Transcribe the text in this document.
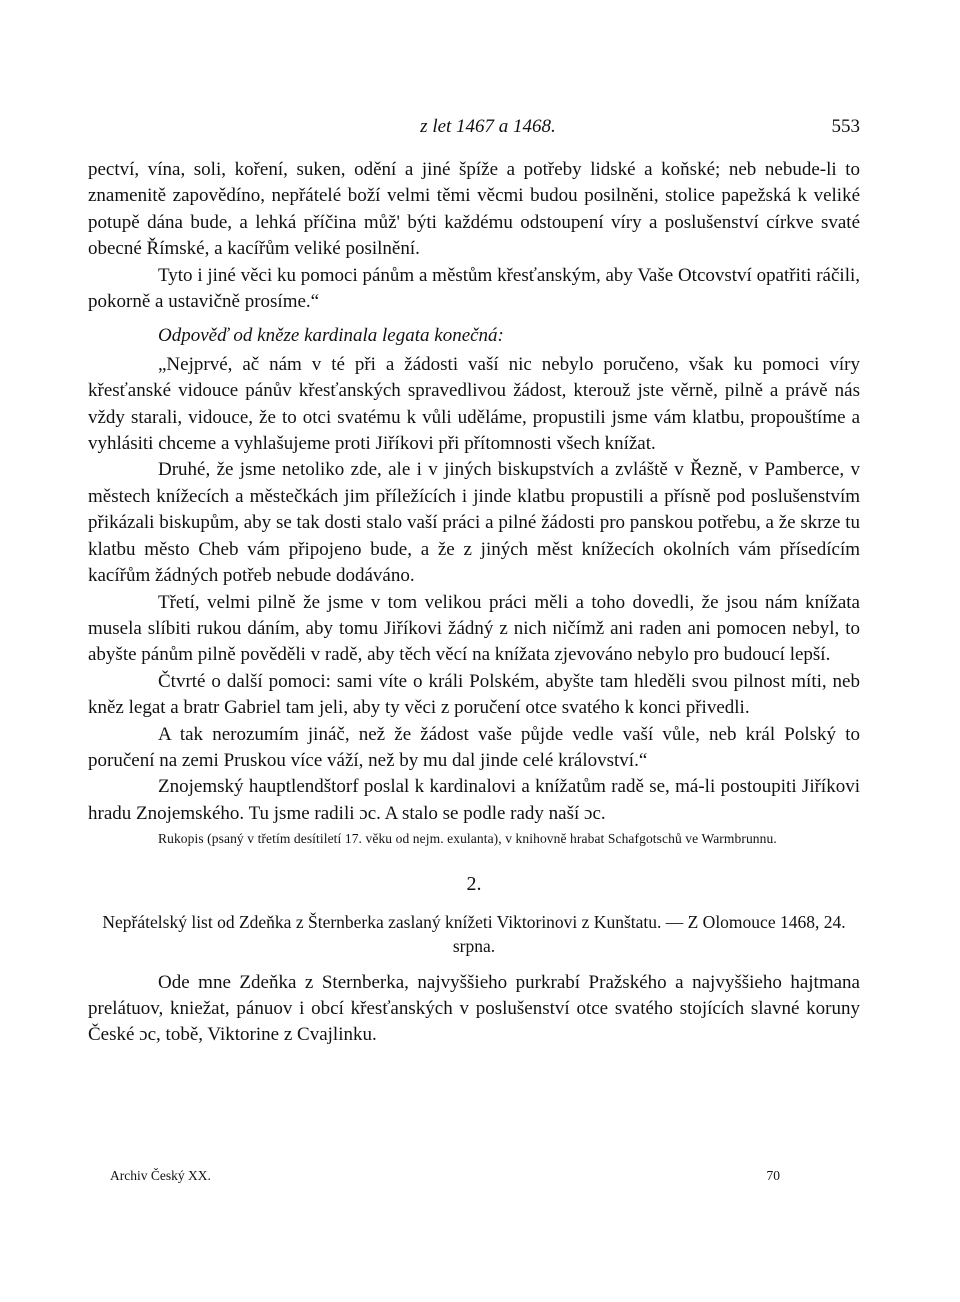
z let 1467 a 1468.	553

pectví, vína, soli, koření, suken, odění a jiné špíže a potřeby lidské a koňské; neb nebude-li to znamenitě zapovědíno, nepřátelé boží velmi těmi věcmi budou posilněni, stolice papežská k veliké potupě dána bude, a lehká příčina můž' býti každému odstoupení víry a poslušenství církve svaté obecné Římské, a kacířům veliké posilnění.

Tyto i jiné věci ku pomoci pánům a městům křesťanským, aby Vaše Otcovství opatřiti ráčili, pokorně a ustavičně prosíme.“

Odpověď od kněze kardinala legata konečná:

„Nejprvé, ač nám v té při a žádosti vaší nic nebylo poručeno, však ku pomoci víry křesťanské vidouce pánův křesťanských spravedlivou žádost, kterouž jste věrně, pilně a právě nás vždy starali, vidouce, že to otci svatému k vůli uděláme, propustili jsme vám klatbu, propouštíme a vyhlásiti chceme a vyhlašujeme proti Jiříkovi při přítomnosti všech knížat.

Druhé, že jsme netoliko zde, ale i v jiných biskupstvích a zvláště v Řezně, v Pamberce, v městech knížecích a městečkách jim příležících i jinde klatbu propustili a přísně pod poslušenstvím přikázali biskupům, aby se tak dosti stalo vaší práci a pilné žádosti pro panskou potřebu, a že skrze tu klatbu město Cheb vám připojeno bude, a že z jiných měst knížecích okolních vám přísedícím kacířům žádných potřeb nebude dodáváno.

Třetí, velmi pilně že jsme v tom velikou práci měli a toho dovedli, že jsou nám knížata musela slíbiti rukou dáním, aby tomu Jiříkovi žádný z nich ničímž ani raden ani pomocen nebyl, to abyšte pánům pilně pověděli v radě, aby těch věcí na knížata zjevováno nebylo pro budoucí lepší.

Čtvrté o další pomoci: sami víte o králi Polském, abyšte tam hleděli svou pilnost míti, neb kněz legat a bratr Gabriel tam jeli, aby ty věci z poručení otce svatého k konci přivedli.

A tak nerozumím jináč, než že žádost vaše půjde vedle vaší vůle, neb král Polský to poručení na zemi Pruskou více váží, než by mu dal jinde celé království.“

Znojemský hauptlendštorf poslal k kardinalovi a knížatům radě se, má-li postoupiti Jiříkovi hradu Znojemského. Tu jsme radili ɔc. A stalo se podle rady naší ɔc.

Rukopis (psaný v třetím desítiletí 17. věku od nejm. exulanta), v knihovně hrabat Schafgotschů ve Warmbrunnu.

2.
Nepřátelský list od Zdeňka z Šternberka zaslaný knížeti Viktorinovi z Kunštatu. — Z Olomouce 1468, 24. srpna.

Ode mne Zdeňka z Sternberka, najvyššieho purkrabí Pražského a najvyššieho hajtmana prelátuov, kniežat, pánuov i obcí křesťanských v poslušenství otce svatého stojících slavné koruny České ɔc, tobě, Viktorine z Cvajlinku.

Archiv Český XX.	70
